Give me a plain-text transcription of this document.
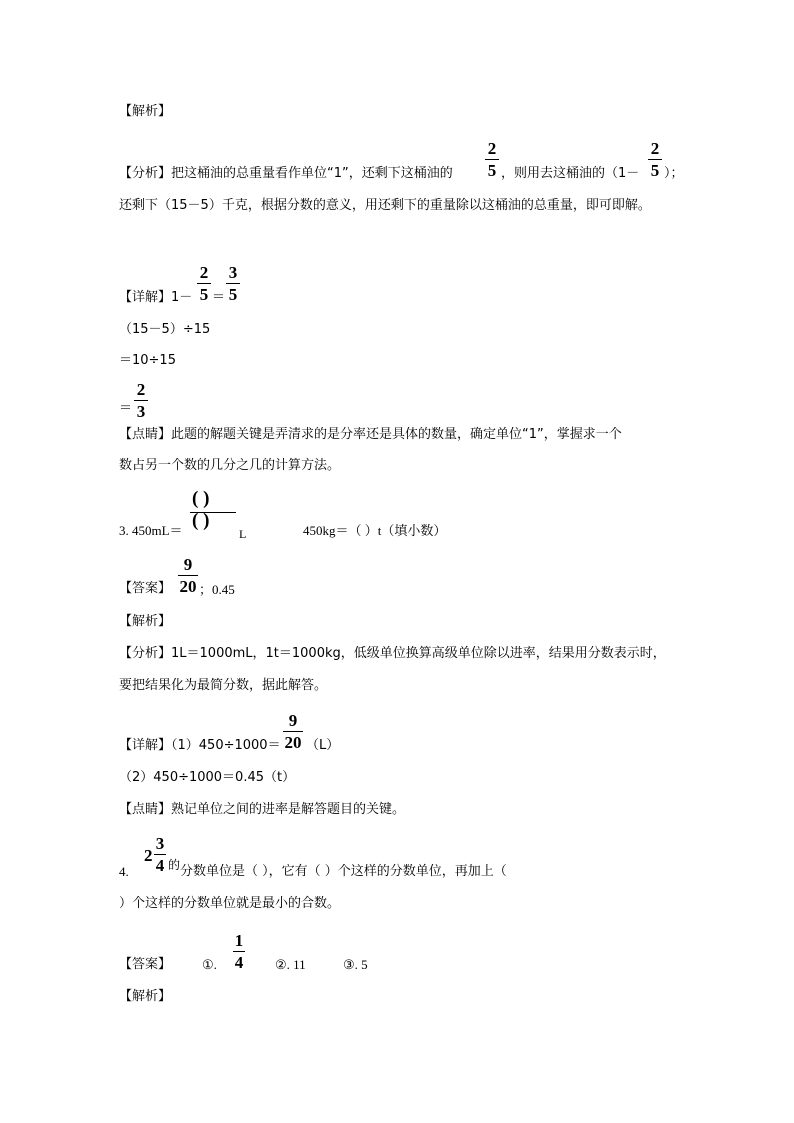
【解析】
【分析】把这桶油的总重量看作单位“1”，还剩下这桶油的
2
5 ，则用去这桶油的（1－
2
5 ）；
还剩下（15－5）千克，根据分数的意义，用还剩下的重量除以这桶油的总重量，即可即解。
【详解】1－
2
5 ＝
3
5
（15－5）÷15
＝10÷15
＝
2
3
【点睛】此题的解题关键是弄清求的是分率还是具体的数量，确定单位“1”，掌握求一个
数占另一个数的几分之几的计算方法。
3. 450mL＝
( )
( )
L	450kg＝（ ）t（填小数）
【答案】
9
20 ；0.45
【解析】
【分析】1L＝1000mL，1t＝1000kg，低级单位换算高级单位除以进率，结果用分数表示时，
要把结果化为最简分数，据此解答。
【详解】（1）450÷1000＝
9
20 （L）
（2）450÷1000＝0.45（t）
【点睛】熟记单位之间的进率是解答题目的关键。
4.
2
3
4 的 分数单位是（ ），它有（ ）个这样的分数单位，再加上（
）个这样的分数单位就是最小的合数。
【答案】 ①.
1
4 ②. 11	③. 5
【解析】
